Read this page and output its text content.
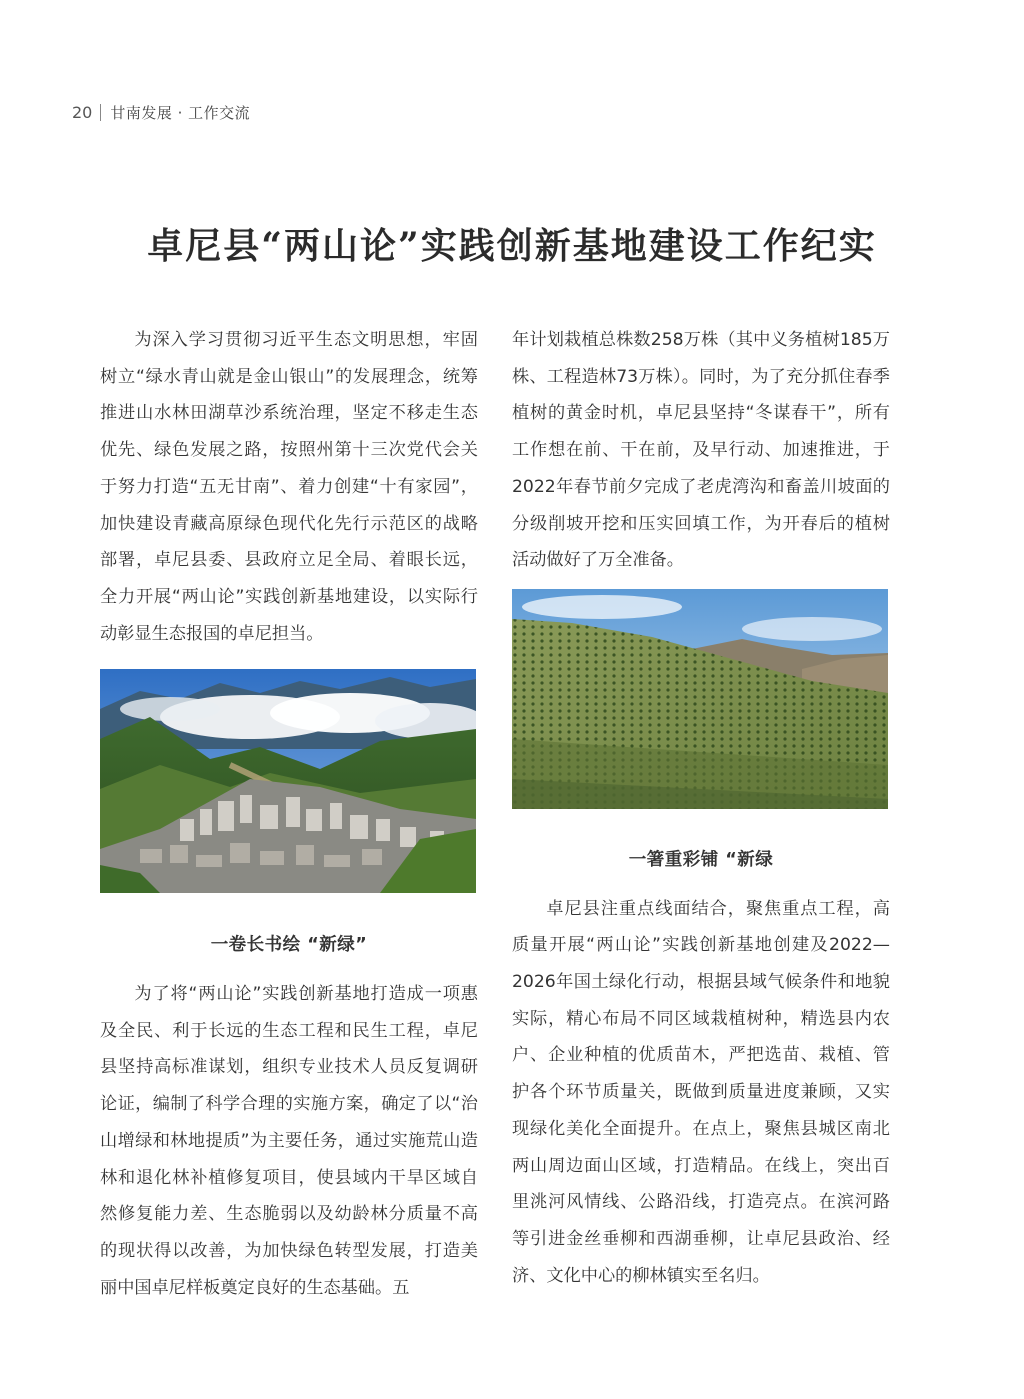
20 甘南发展 · 工作交流
卓尼县“两山论”实践创新基地建设工作纪实

为深入学习贯彻习近平生态文明思想，牢固树立“绿水青山就是金山银山”的发展理念，统筹推进山水林田湖草沙系统治理，坚定不移走生态优先、绿色发展之路，按照州第十三次党代会关于努力打造“五无甘南”、着力创建“十有家园”，加快建设青藏高原绿色现代化先行示范区的战略部署，卓尼县委、县政府立足全局、着眼长远，全力开展“两山论”实践创新基地建设，以实际行动彰显生态报国的卓尼担当。

一卷长书绘 “新绿”

为了将“两山论”实践创新基地打造成一项惠及全民、利于长远的生态工程和民生工程，卓尼县坚持高标准谋划，组织专业技术人员反复调研论证，编制了科学合理的实施方案，确定了以“治山增绿和林地提质”为主要任务，通过实施荒山造林和退化林补植修复项目，使县域内干旱区域自然修复能力差、生态脆弱以及幼龄林分质量不高的现状得以改善，为加快绿色转型发展，打造美丽中国卓尼样板奠定良好的生态基础。五

年计划栽植总株数258万株（其中义务植树185万株、工程造林73万株）。同时，为了充分抓住春季植树的黄金时机，卓尼县坚持“冬谋春干”，所有工作想在前、干在前，及早行动、加速推进，于2022年春节前夕完成了老虎湾沟和畜盖川坡面的分级削坡开挖和压实回填工作，为开春后的植树活动做好了万全准备。

一箸重彩铺 “新绿

卓尼县注重点线面结合，聚焦重点工程，高质量开展“两山论”实践创新基地创建及2022—2026年国土绿化行动，根据县域气候条件和地貌实际，精心布局不同区域栽植树种，精选县内农户、企业种植的优质苗木，严把选苗、栽植、管护各个环节质量关，既做到质量进度兼顾，又实现绿化美化全面提升。在点上，聚焦县城区南北两山周边面山区域，打造精品。在线上，突出百里洮河风情线、公路沿线，打造亮点。在滨河路等引进金丝垂柳和西湖垂柳，让卓尼县政治、经济、文化中心的柳林镇实至名归。
